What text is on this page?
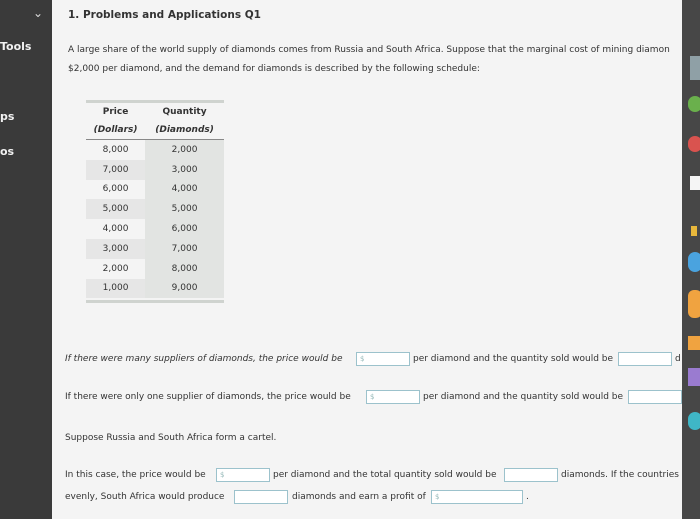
⌄
Tools
ps
os
1. Problems and Applications Q1
A large share of the world supply of diamonds comes from Russia and South Africa. Suppose that the marginal cost of mining diamon
$2,000 per diamond, and the demand for diamonds is described by the following schedule:
Price	Quantity
(Dollars)	(Diamonds)
8,000	2,000
7,000	3,000
6,000	4,000
5,000	5,000
4,000	6,000
3,000	7,000
2,000	8,000
1,000	9,000
If there were many suppliers of diamonds, the price would be	$	per diamond and the quantity sold would be	d
If there were only one supplier of diamonds, the price would be	$	per diamond and the quantity sold would be
Suppose Russia and South Africa form a cartel.
In this case, the price would be	$	per diamond and the total quantity sold would be	diamonds. If the countries
evenly, South Africa would produce	diamonds and earn a profit of	$	.
